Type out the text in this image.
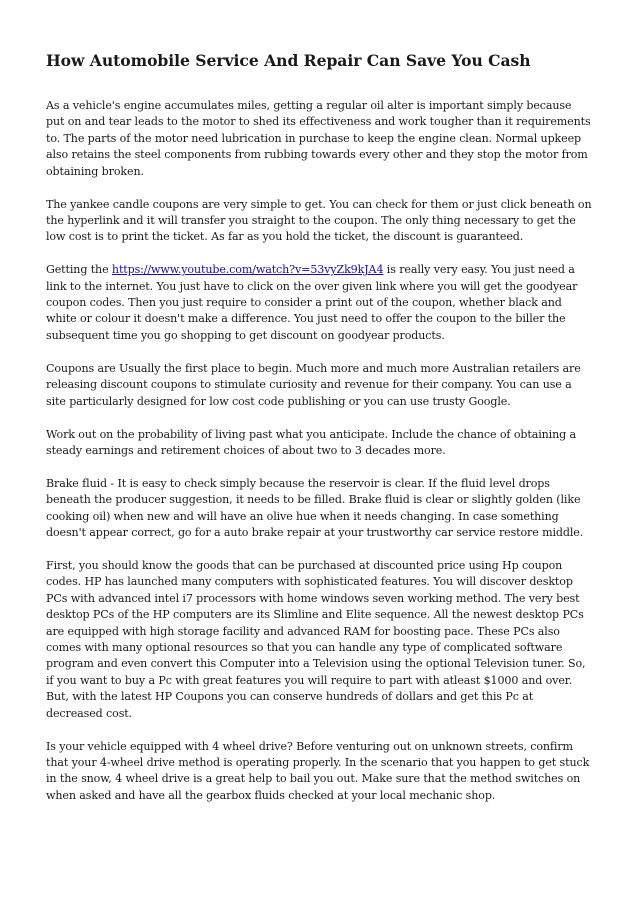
How Automobile Service And Repair Can Save You Cash

As a vehicle's engine accumulates miles, getting a regular oil alter is important simply because put on and tear leads to the motor to shed its effectiveness and work tougher than it requirements to. The parts of the motor need lubrication in purchase to keep the engine clean. Normal upkeep also retains the steel components from rubbing towards every other and they stop the motor from obtaining broken.

The yankee candle coupons are very simple to get. You can check for them or just click beneath on the hyperlink and it will transfer you straight to the coupon. The only thing necessary to get the low cost is to print the ticket. As far as you hold the ticket, the discount is guaranteed.

Getting the https://www.youtube.com/watch?v=53vyZk9kJA4 is really very easy. You just need a link to the internet. You just have to click on the over given link where you will get the goodyear coupon codes. Then you just require to consider a print out of the coupon, whether black and white or colour it doesn't make a difference. You just need to offer the coupon to the biller the subsequent time you go shopping to get discount on goodyear products.

Coupons are Usually the first place to begin. Much more and much more Australian retailers are releasing discount coupons to stimulate curiosity and revenue for their company. You can use a site particularly designed for low cost code publishing or you can use trusty Google.

Work out on the probability of living past what you anticipate. Include the chance of obtaining a steady earnings and retirement choices of about two to 3 decades more.

Brake fluid - It is easy to check simply because the reservoir is clear. If the fluid level drops beneath the producer suggestion, it needs to be filled. Brake fluid is clear or slightly golden (like cooking oil) when new and will have an olive hue when it needs changing. In case something doesn't appear correct, go for a auto brake repair at your trustworthy car service restore middle.

First, you should know the goods that can be purchased at discounted price using Hp coupon codes. HP has launched many computers with sophisticated features. You will discover desktop PCs with advanced intel i7 processors with home windows seven working method. The very best desktop PCs of the HP computers are its Slimline and Elite sequence. All the newest desktop PCs are equipped with high storage facility and advanced RAM for boosting pace. These PCs also comes with many optional resources so that you can handle any type of complicated software program and even convert this Computer into a Television using the optional Television tuner. So, if you want to buy a Pc with great features you will require to part with atleast $1000 and over. But, with the latest HP Coupons you can conserve hundreds of dollars and get this Pc at decreased cost.

Is your vehicle equipped with 4 wheel drive? Before venturing out on unknown streets, confirm that your 4-wheel drive method is operating properly. In the scenario that you happen to get stuck in the snow, 4 wheel drive is a great help to bail you out. Make sure that the method switches on when asked and have all the gearbox fluids checked at your local mechanic shop.
